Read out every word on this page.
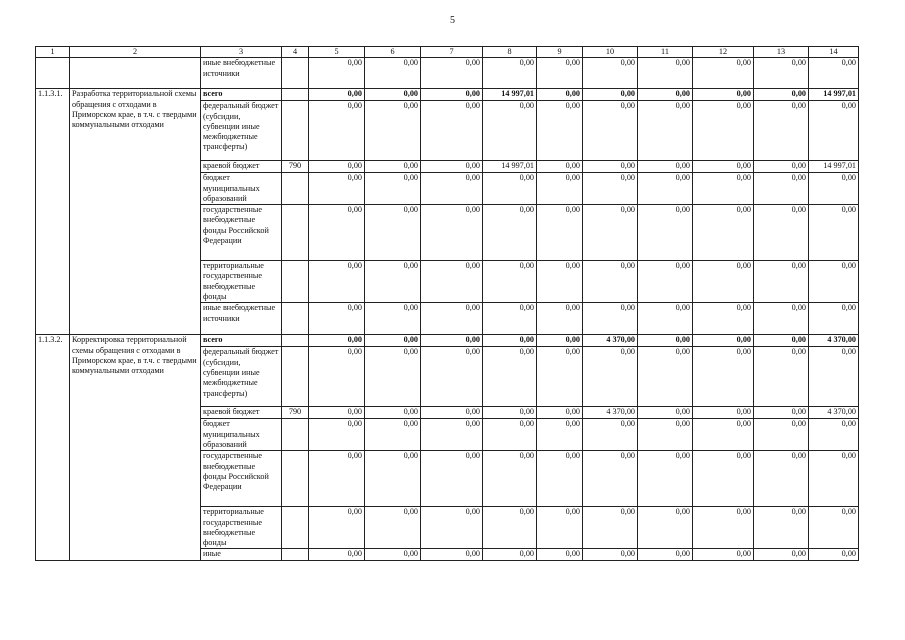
5
1	2	3	4	5	6	7	8	9	10	11	12	13	14
		иные внебюджетные источники		0,00	0,00	0,00	0,00	0,00	0,00	0,00	0,00	0,00	0,00
1.1.3.1.	Разработка территориальной схемы обращения с отходами в Приморском крае, в т.ч. с твердыми коммунальными отходами	всего		0,00	0,00	0,00	14 997,01	0,00	0,00	0,00	0,00	0,00	14 997,01
		федеральный бюджет (субсидии, субвенции иные межбюджетные трансферты)		0,00	0,00	0,00	0,00	0,00	0,00	0,00	0,00	0,00	0,00
		краевой бюджет	790	0,00	0,00	0,00	14 997,01	0,00	0,00	0,00	0,00	0,00	14 997,01
		бюджет муниципальных образований		0,00	0,00	0,00	0,00	0,00	0,00	0,00	0,00	0,00	0,00
		государственные внебюджетные фонды Российской Федерации		0,00	0,00	0,00	0,00	0,00	0,00	0,00	0,00	0,00	0,00
		территориальные государственные внебюджетные фонды		0,00	0,00	0,00	0,00	0,00	0,00	0,00	0,00	0,00	0,00
		иные внебюджетные источники		0,00	0,00	0,00	0,00	0,00	0,00	0,00	0,00	0,00	0,00
1.1.3.2.	Корректировка территориальной схемы обращения с отходами в Приморском крае, в т.ч. с твердыми коммунальными отходами	всего		0,00	0,00	0,00	0,00	0,00	4 370,00	0,00	0,00	0,00	4 370,00
		федеральный бюджет (субсидии, субвенции иные межбюджетные трансферты)		0,00	0,00	0,00	0,00	0,00	0,00	0,00	0,00	0,00	0,00
		краевой бюджет	790	0,00	0,00	0,00	0,00	0,00	4 370,00	0,00	0,00	0,00	4 370,00
		бюджет муниципальных образований		0,00	0,00	0,00	0,00	0,00	0,00	0,00	0,00	0,00	0,00
		государственные внебюджетные фонды Российской Федерации		0,00	0,00	0,00	0,00	0,00	0,00	0,00	0,00	0,00	0,00
		территориальные государственные внебюджетные фонды		0,00	0,00	0,00	0,00	0,00	0,00	0,00	0,00	0,00	0,00
		иные		0,00	0,00	0,00	0,00	0,00	0,00	0,00	0,00	0,00	0,00
